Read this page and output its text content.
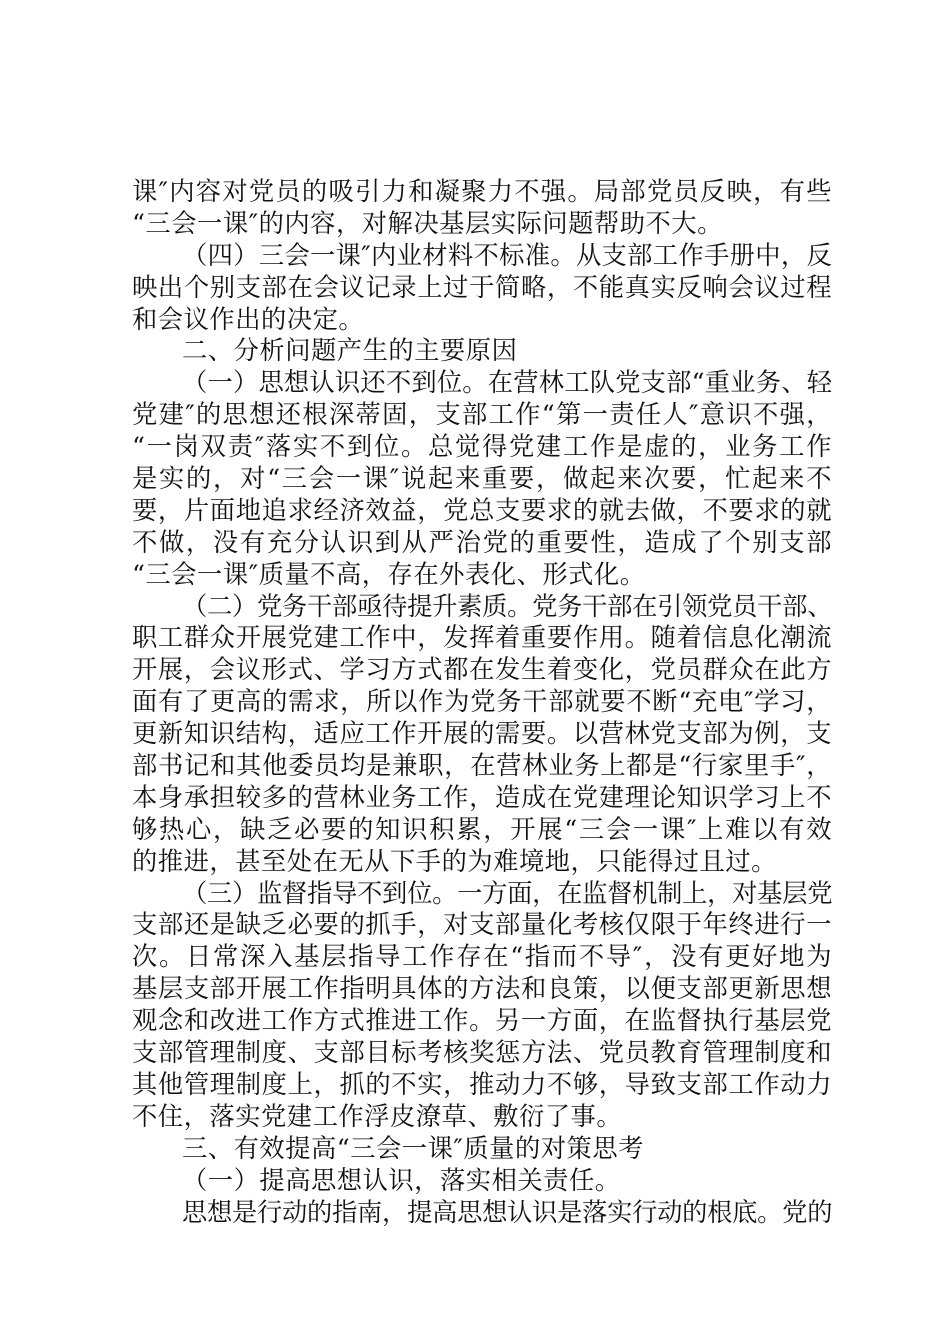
课″内容对党员的吸引力和凝聚力不强。局部党员反映，有些
“三会一课″的内容，对解决基层实际问题帮助不大。
（四）三会一课″内业材料不标准。从支部工作手册中，反
映出个别支部在会议记录上过于简略，不能真实反响会议过程
和会议作出的决定。
二、分析问题产生的主要原因
（一）思想认识还不到位。在营林工队党支部“重业务、轻
党建″的思想还根深蒂固，支部工作“第一责任人″意识不强，
“一岗双责″落实不到位。总觉得党建工作是虚的，业务工作
是实的，对“三会一课″说起来重要，做起来次要，忙起来不
要，片面地追求经济效益，党总支要求的就去做，不要求的就
不做，没有充分认识到从严治党的重要性，造成了个别支部
“三会一课″质量不高，存在外表化、形式化。
（二）党务干部亟待提升素质。党务干部在引领党员干部、
职工群众开展党建工作中，发挥着重要作用。随着信息化潮流
开展，会议形式、学习方式都在发生着变化，党员群众在此方
面有了更高的需求，所以作为党务干部就要不断“充电″学习，
更新知识结构，适应工作开展的需要。以营林党支部为例，支
部书记和其他委员均是兼职，在营林业务上都是“行家里手″，
本身承担较多的营林业务工作，造成在党建理论知识学习上不
够热心，缺乏必要的知识积累，开展“三会一课″上难以有效
的推进，甚至处在无从下手的为难境地，只能得过且过。
（三）监督指导不到位。一方面，在监督机制上，对基层党
支部还是缺乏必要的抓手，对支部量化考核仅限于年终进行一
次。日常深入基层指导工作存在“指而不导″，没有更好地为
基层支部开展工作指明具体的方法和良策，以便支部更新思想
观念和改进工作方式推进工作。另一方面，在监督执行基层党
支部管理制度、支部目标考核奖惩方法、党员教育管理制度和
其他管理制度上，抓的不实，推动力不够，导致支部工作动力
不住，落实党建工作浮皮潦草、敷衍了事。
三、有效提高“三会一课″质量的对策思考
（一）提高思想认识，落实相关责任。
思想是行动的指南，提高思想认识是落实行动的根底。党的
